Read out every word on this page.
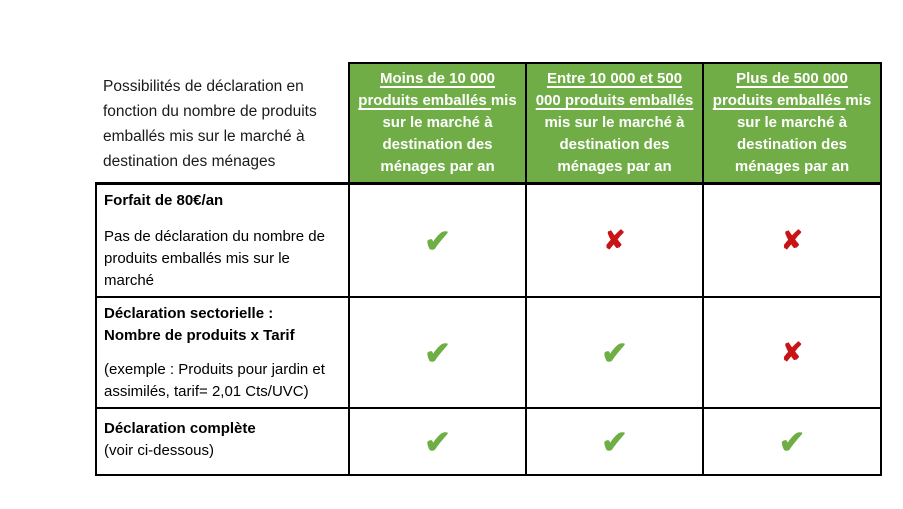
Possibilités de déclaration en fonction du nombre de produits emballés mis sur le marché à destination des ménages	Moins de 10 000 produits emballés mis sur le marché à destination des ménages par an	Entre 10 000 et 500 000 produits emballés mis sur le marché à destination des ménages par an	Plus de 500 000 produits emballés mis sur le marché à destination des ménages par an

Forfait de 80€/an

Pas de déclaration du nombre de produits emballés mis sur le marché	✔	✘	✘

Déclaration sectorielle :

Nombre de produits x Tarif

(exemple : Produits pour jardin et assimilés, tarif= 2,01 Cts/UVC)	✔	✔	✘

Déclaration complète

(voir ci-dessous)	✔	✔	✔
